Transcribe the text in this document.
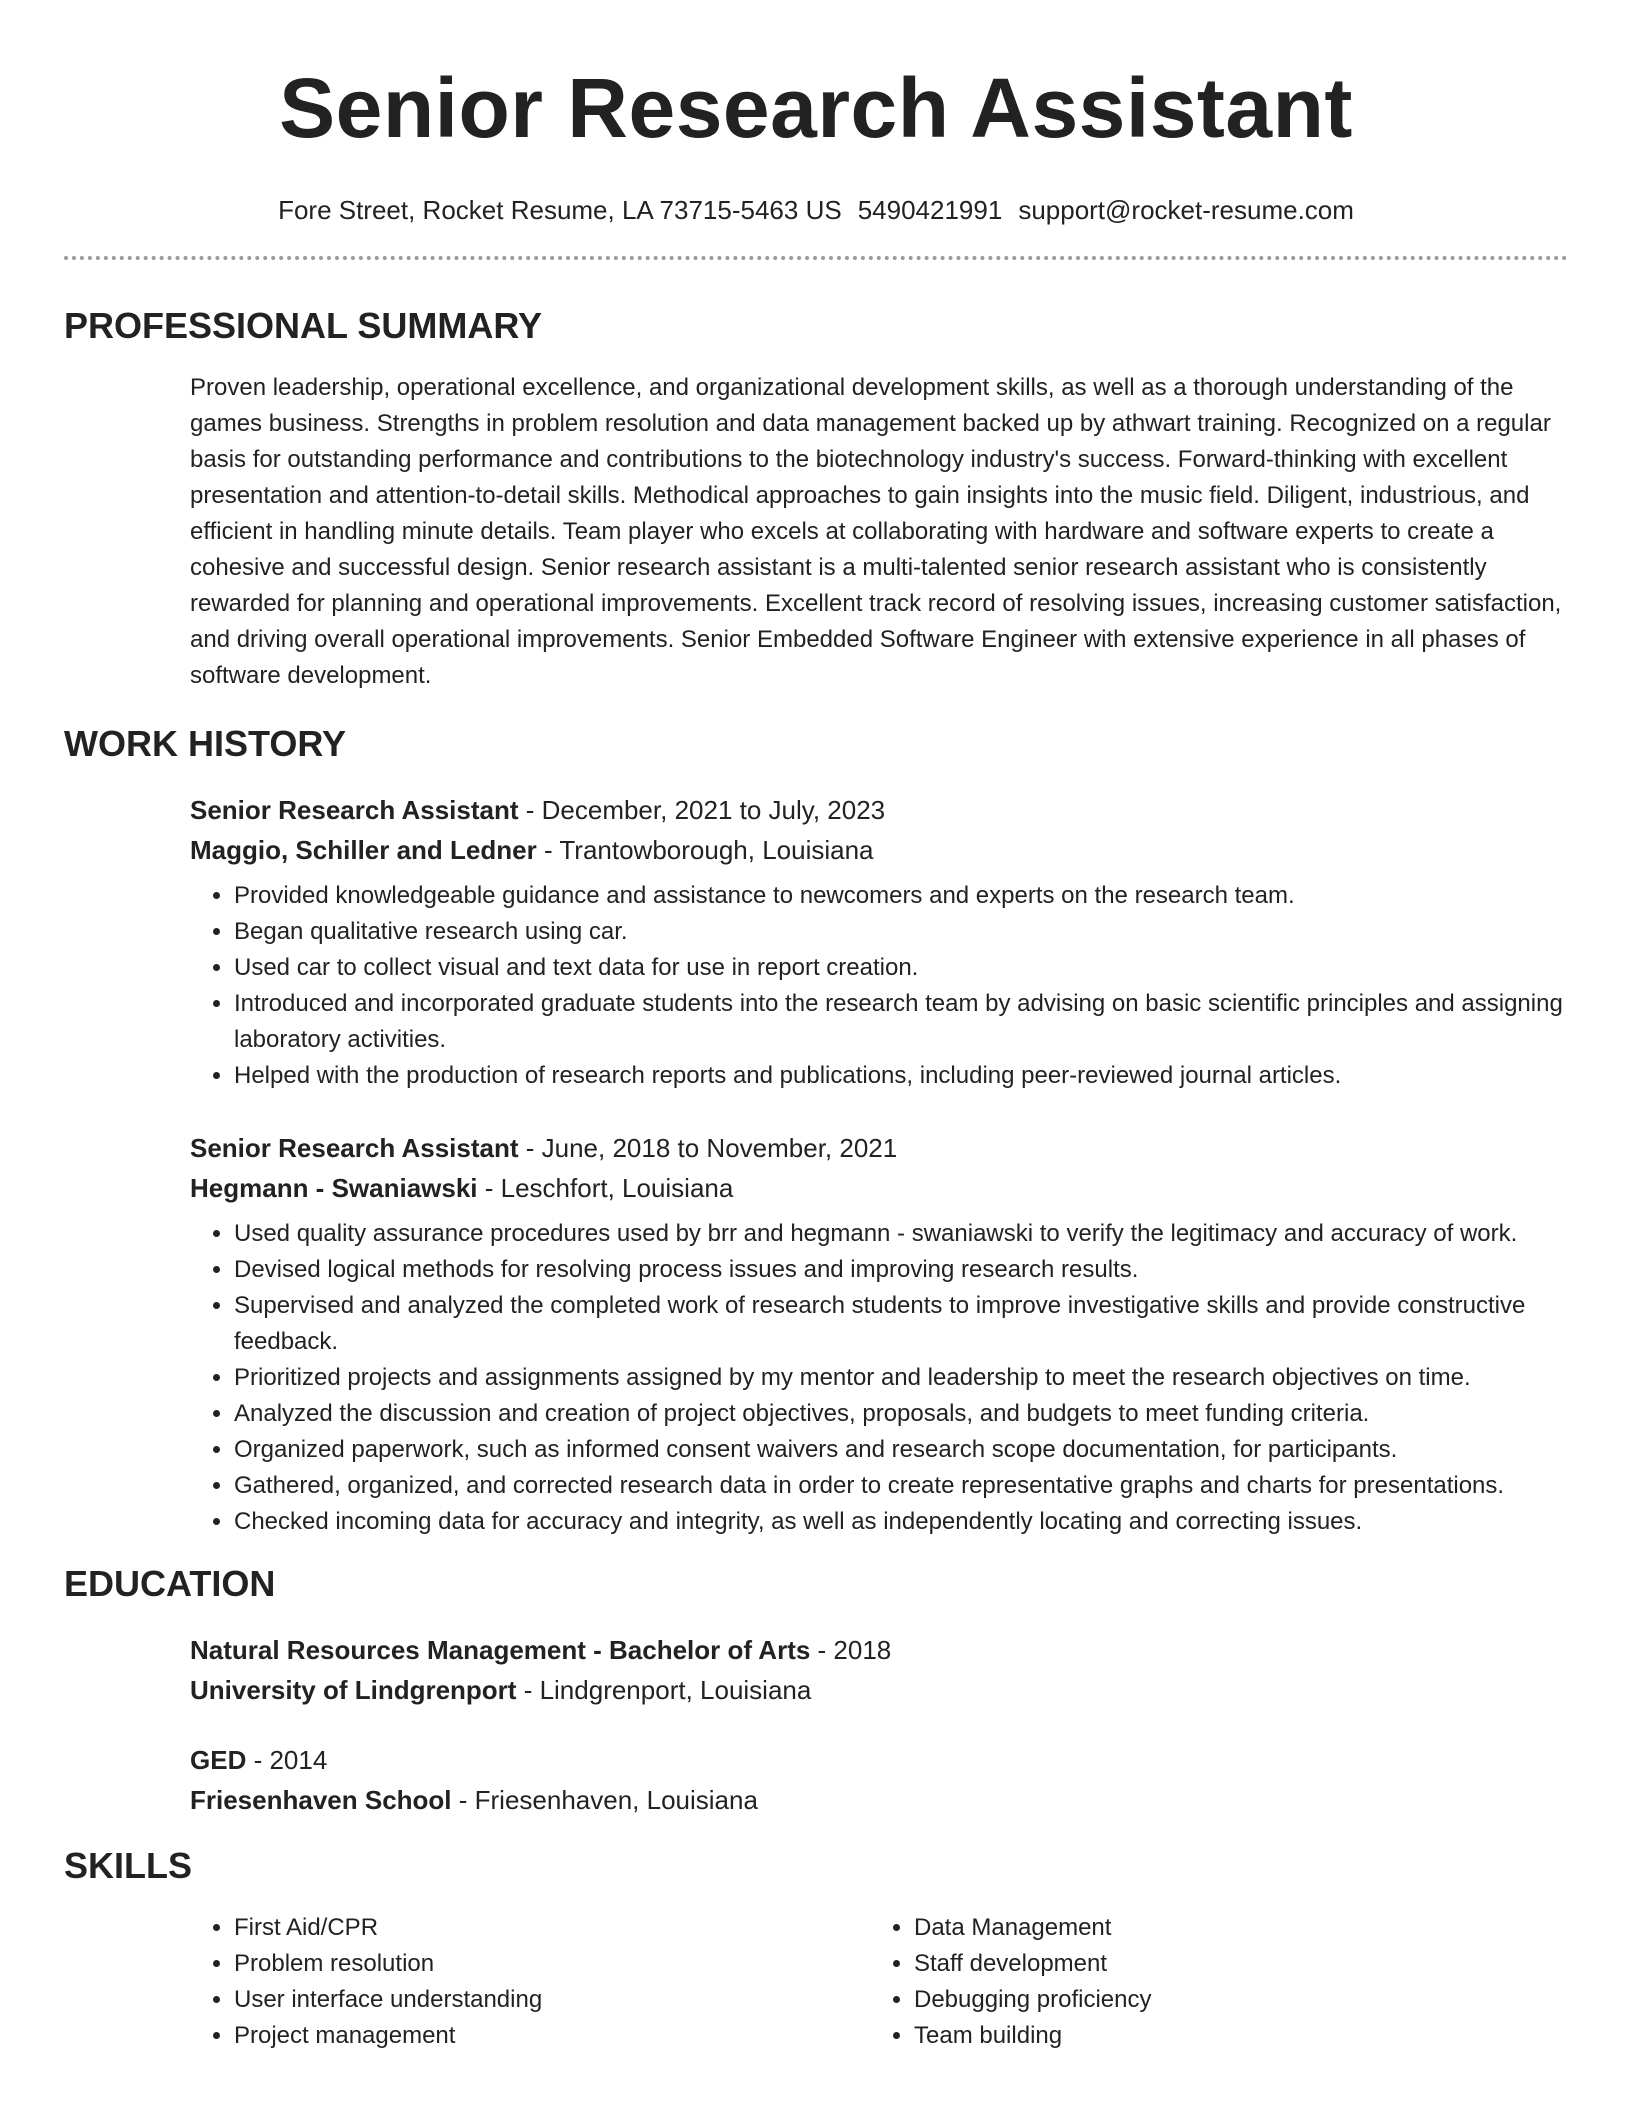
Senior Research Assistant
Fore Street, Rocket Resume, LA 73715-5463 US 5490421991 support@rocket-resume.com
PROFESSIONAL SUMMARY
Proven leadership, operational excellence, and organizational development skills, as well as a thorough understanding of the games business. Strengths in problem resolution and data management backed up by athwart training. Recognized on a regular basis for outstanding performance and contributions to the biotechnology industry's success. Forward-thinking with excellent presentation and attention-to-detail skills. Methodical approaches to gain insights into the music field. Diligent, industrious, and efficient in handling minute details. Team player who excels at collaborating with hardware and software experts to create a cohesive and successful design. Senior research assistant is a multi-talented senior research assistant who is consistently rewarded for planning and operational improvements. Excellent track record of resolving issues, increasing customer satisfaction, and driving overall operational improvements. Senior Embedded Software Engineer with extensive experience in all phases of software development.
WORK HISTORY
Senior Research Assistant - December, 2021 to July, 2023
Maggio, Schiller and Ledner - Trantowborough, Louisiana
• Provided knowledgeable guidance and assistance to newcomers and experts on the research team.
• Began qualitative research using car.
• Used car to collect visual and text data for use in report creation.
• Introduced and incorporated graduate students into the research team by advising on basic scientific principles and assigning laboratory activities.
• Helped with the production of research reports and publications, including peer-reviewed journal articles.
Senior Research Assistant - June, 2018 to November, 2021
Hegmann - Swaniawski - Leschfort, Louisiana
• Used quality assurance procedures used by brr and hegmann - swaniawski to verify the legitimacy and accuracy of work.
• Devised logical methods for resolving process issues and improving research results.
• Supervised and analyzed the completed work of research students to improve investigative skills and provide constructive feedback.
• Prioritized projects and assignments assigned by my mentor and leadership to meet the research objectives on time.
• Analyzed the discussion and creation of project objectives, proposals, and budgets to meet funding criteria.
• Organized paperwork, such as informed consent waivers and research scope documentation, for participants.
• Gathered, organized, and corrected research data in order to create representative graphs and charts for presentations.
• Checked incoming data for accuracy and integrity, as well as independently locating and correcting issues.
EDUCATION
Natural Resources Management - Bachelor of Arts - 2018
University of Lindgrenport - Lindgrenport, Louisiana
GED - 2014
Friesenhaven School - Friesenhaven, Louisiana
SKILLS
• First Aid/CPR
• Problem resolution
• User interface understanding
• Project management
• Data Management
• Staff development
• Debugging proficiency
• Team building
